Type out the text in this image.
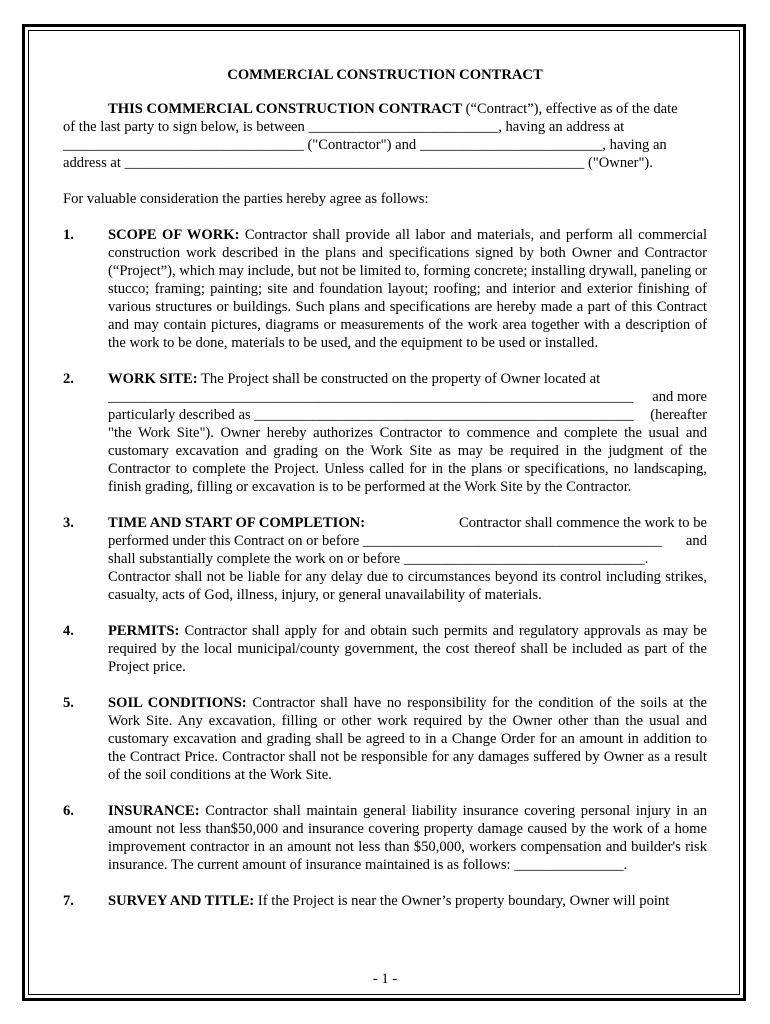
COMMERCIAL CONSTRUCTION CONTRACT
THIS COMMERCIAL CONSTRUCTION CONTRACT (“Contract”), effective as of the date
of the last party to sign below, is between __________________________, having an address at
_________________________________ ("Contractor") and _________________________, having an
address at _______________________________________________________________ ("Owner").
For valuable consideration the parties hereby agree as follows:
1.	SCOPE OF WORK: Contractor shall provide all labor and materials, and perform all commercial construction work described in the plans and specifications signed by both Owner and Contractor (“Project”), which may include, but not be limited to, forming concrete; installing drywall, paneling or stucco; framing; painting; site and foundation layout; roofing; and interior and exterior finishing of various structures or buildings. Such plans and specifications are hereby made a part of this Contract and may contain pictures, diagrams or measurements of the work area together with a description of the work to be done, materials to be used, and the equipment to be used or installed.
2.	WORK SITE: The Project shall be constructed on the property of Owner located at
________________________________________________________________________ and more
particularly described as ____________________________________________________ (hereafter
"the Work Site"). Owner hereby authorizes Contractor to commence and complete the usual and customary excavation and grading on the Work Site as may be required in the judgment of the Contractor to complete the Project. Unless called for in the plans or specifications, no landscaping, finish grading, filling or excavation is to be performed at the Work Site by the Contractor.
3.	TIME AND START OF COMPLETION:	Contractor shall commence the work to be
performed under this Contract on or before _________________________________________ and
shall substantially complete the work on or before _________________________________.
Contractor shall not be liable for any delay due to circumstances beyond its control including strikes, casualty, acts of God, illness, injury, or general unavailability of materials.
4.	PERMITS: Contractor shall apply for and obtain such permits and regulatory approvals as may be required by the local municipal/county government, the cost thereof shall be included as part of the Project price.
5.	SOIL CONDITIONS: Contractor shall have no responsibility for the condition of the soils at the Work Site. Any excavation, filling or other work required by the Owner other than the usual and customary excavation and grading shall be agreed to in a Change Order for an amount in addition to the Contract Price. Contractor shall not be responsible for any damages suffered by Owner as a result of the soil conditions at the Work Site.
6.	INSURANCE: Contractor shall maintain general liability insurance covering personal injury in an amount not less than$50,000 and insurance covering property damage caused by the work of a home improvement contractor in an amount not less than $50,000, workers compensation and builder's risk insurance. The current amount of insurance maintained is as follows: _______________.
7.	SURVEY AND TITLE: If the Project is near the Owner’s property boundary, Owner will point
- 1 -
